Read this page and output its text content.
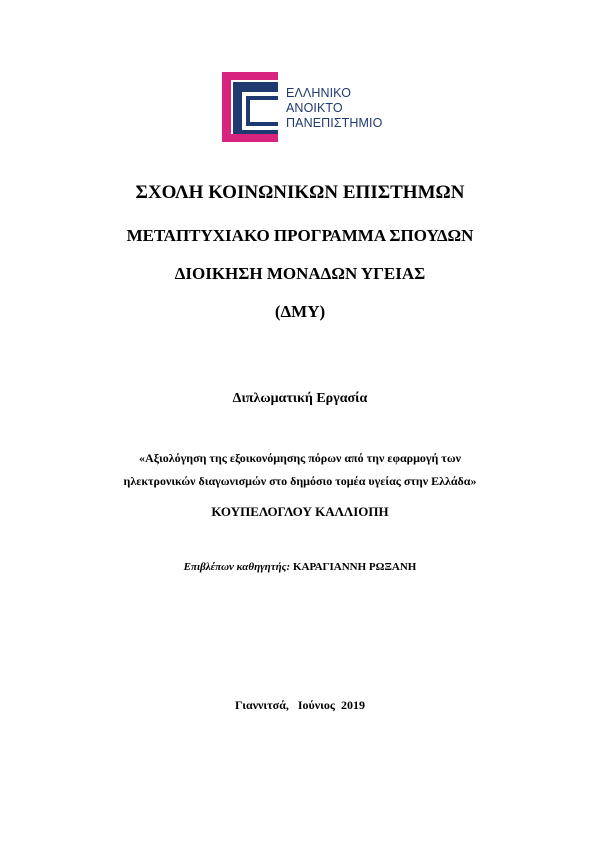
ΕΛΛΗΝΙΚΟ
ΑΝΟΙΚΤΟ
ΠΑΝΕΠΙΣΤΗΜΙΟ
ΣΧΟΛΗ ΚΟΙΝΩΝΙΚΩΝ ΕΠΙΣΤΗΜΩΝ
ΜΕΤΑΠΤΥΧΙΑΚΟ ΠΡΟΓΡΑΜΜΑ ΣΠΟΥΔΩΝ
ΔΙΟΙΚΗΣΗ ΜΟΝΑΔΩΝ ΥΓΕΙΑΣ
(ΔΜΥ)
Διπλωματική Εργασία
«Αξιολόγηση της εξοικονόμησης πόρων από την εφαρμογή των
ηλεκτρονικών διαγωνισμών στο δημόσιο τομέα υγείας στην Ελλάδα»
ΚΟΥΠΕΛΟΓΛΟΥ ΚΑΛΛΙΟΠΗ
Επιβλέπων καθηγητής: ΚΑΡΑΓΙΑΝΝΗ ΡΩΞΑΝΗ
Γιαννιτσά, Ιούνιος 2019
